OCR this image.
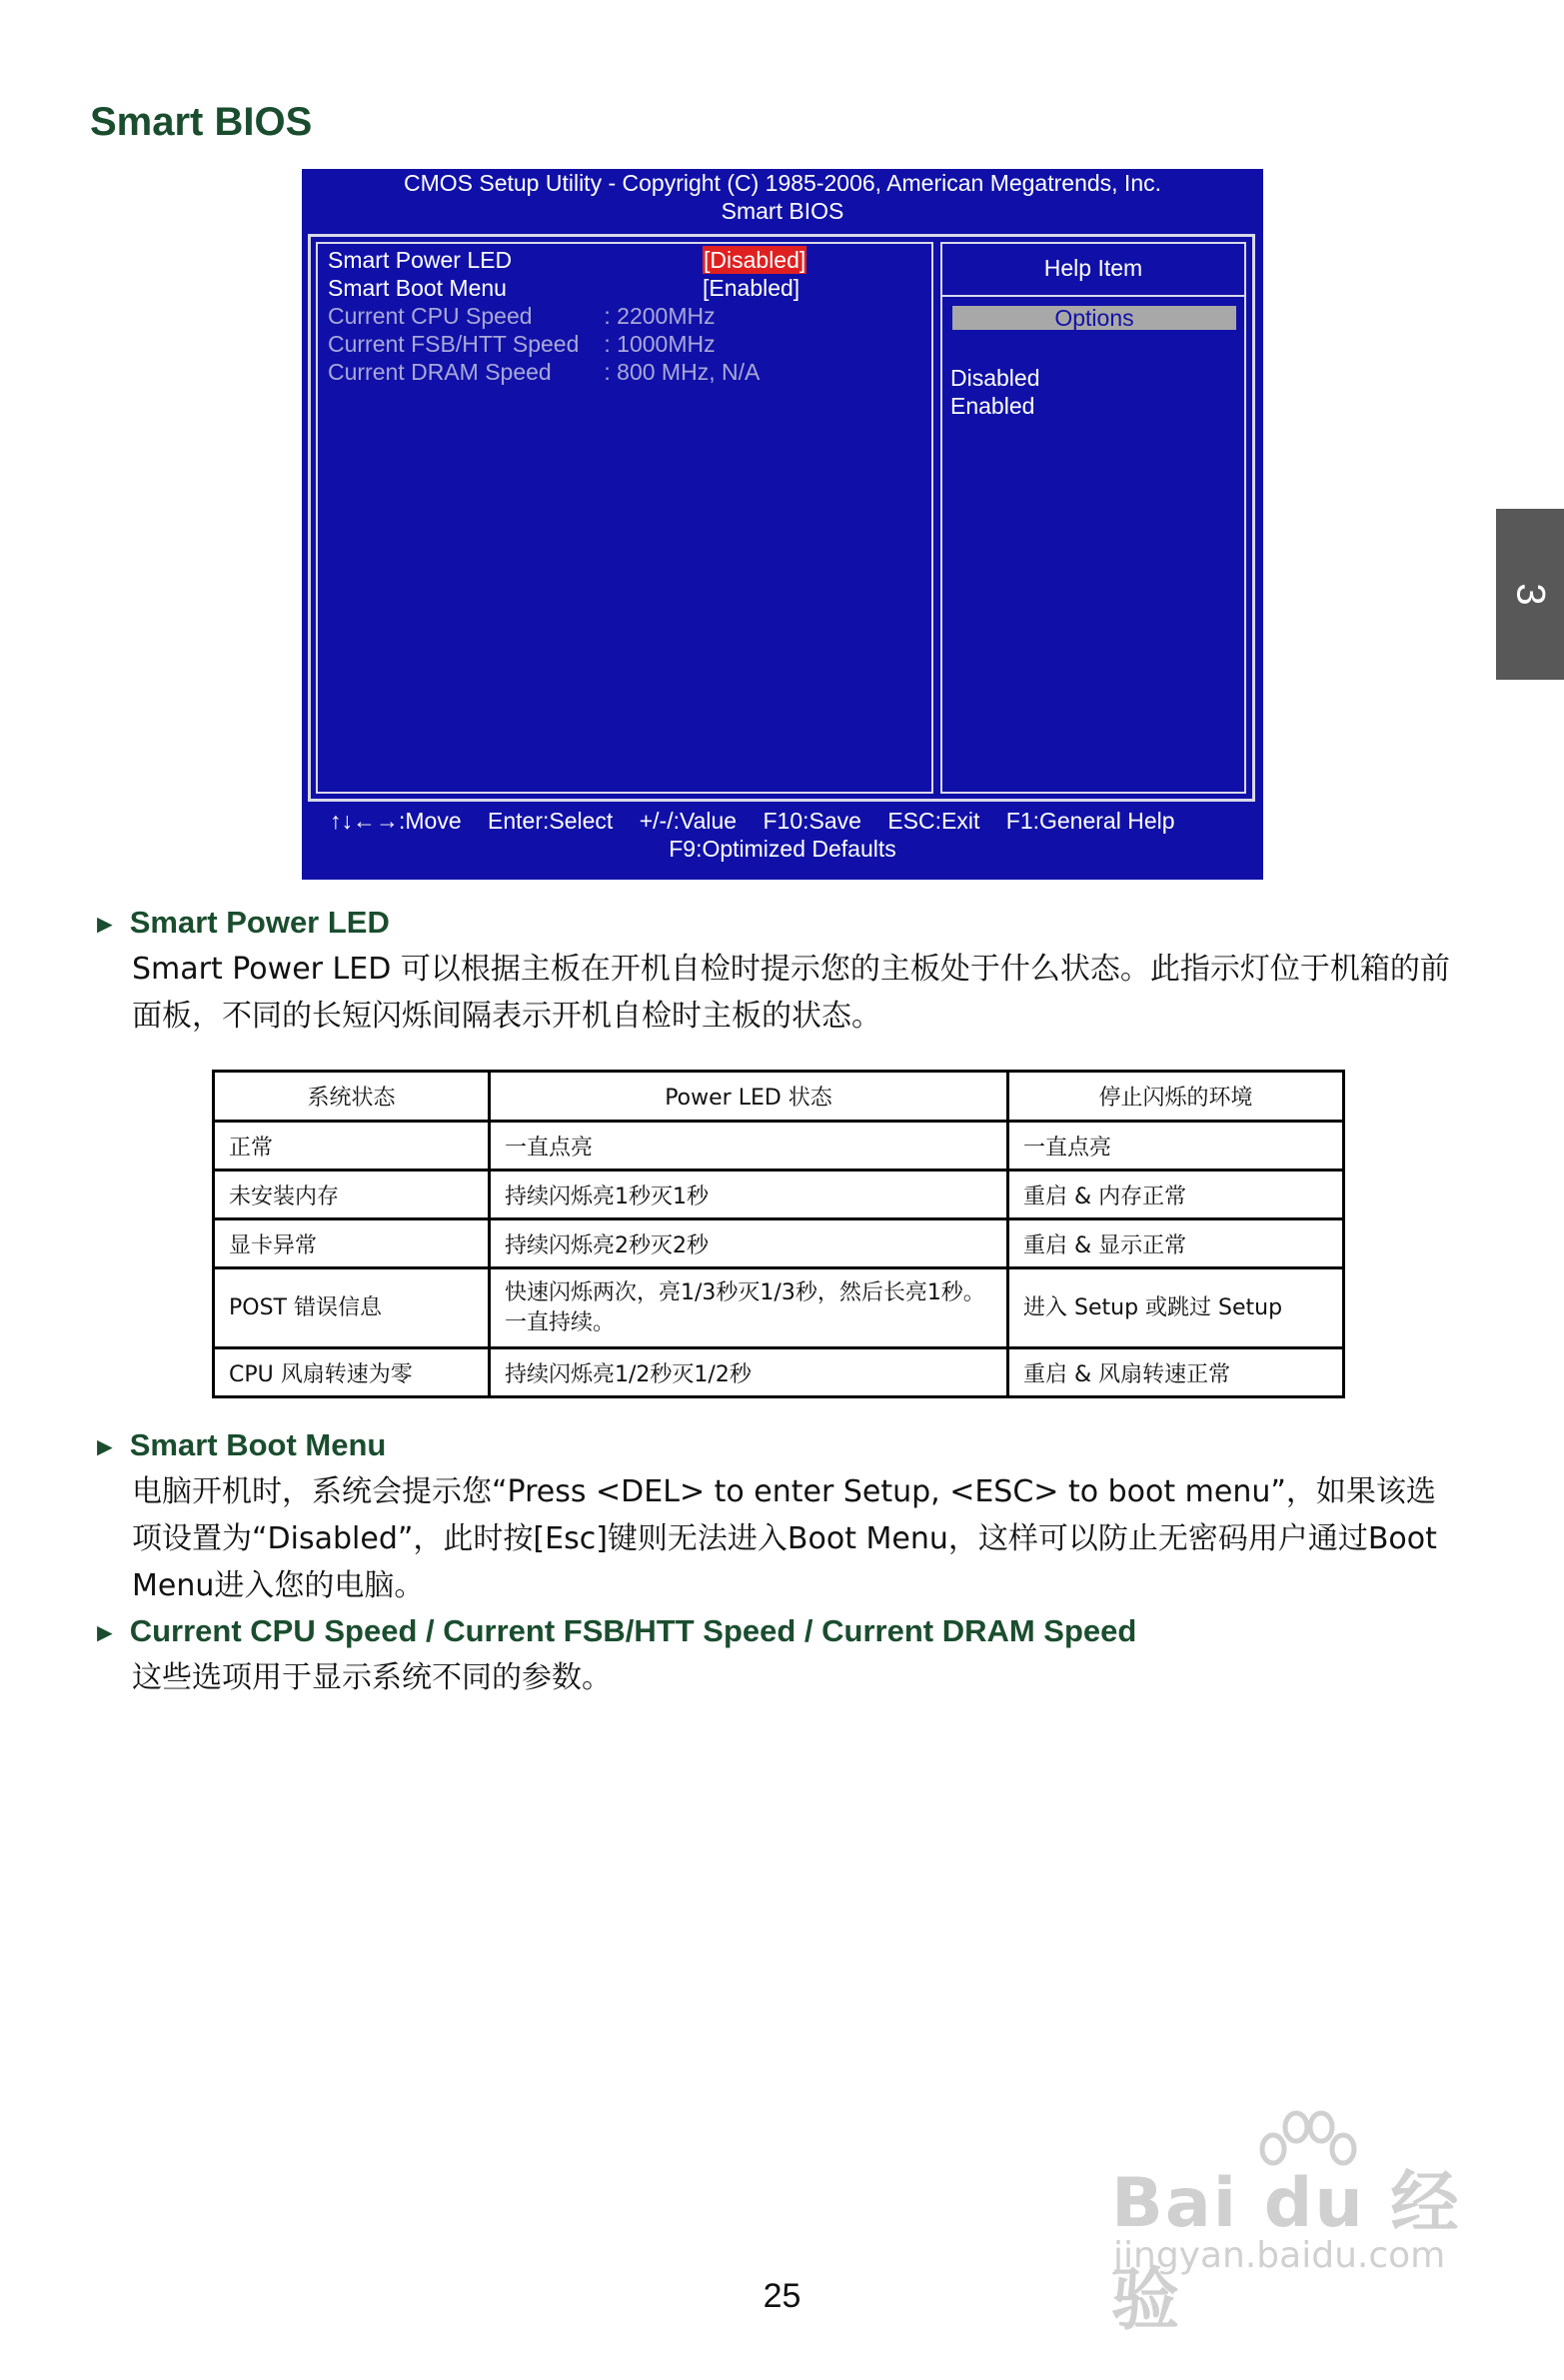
Smart BIOS
3
CMOS Setup Utility - Copyright (C) 1985-2006, American Megatrends, Inc.
Smart BIOS
Smart Power LED	[Disabled]
Smart Boot Menu	[Enabled]
Current CPU Speed	: 2200MHz
Current FSB/HTT Speed : 1000MHz
Current DRAM Speed : 800 MHz, N/A
Help Item
Options
Disabled
Enabled
↑↓←→:Move Enter:Select +/-/:Value F10:Save ESC:Exit F1:General Help
F9:Optimized Defaults
► Smart Power LED
Smart Power LED 可以根据主板在开机自检时提示您的主板处于什么状态。此指示灯位于机箱的前面板，不同的长短闪烁间隔表示开机自检时主板的状态。
系统状态	Power LED 状态	停止闪烁的环境
正常	一直点亮	一直点亮
未安装内存	持续闪烁亮1秒灭1秒	重启 & 内存正常
显卡异常	持续闪烁亮2秒灭2秒	重启 & 显示正常
POST 错误信息	快速闪烁两次，亮1/3秒灭1/3秒，然后长亮1秒。一直持续。	进入 Setup 或跳过 Setup
CPU 风扇转速为零	持续闪烁亮1/2秒灭1/2秒	重启 & 风扇转速正常
► Smart Boot Menu
电脑开机时，系统会提示您“Press <DEL> to enter Setup, <ESC> to boot menu”，如果该选项设置为“Disabled”，此时按[Esc]键则无法进入Boot Menu，这样可以防止无密码用户通过Boot Menu进入您的电脑。
► Current CPU Speed / Current FSB/HTT Speed / Current DRAM Speed
这些选项用于显示系统不同的参数。
Bai du 经验
jingyan.baidu.com
25
